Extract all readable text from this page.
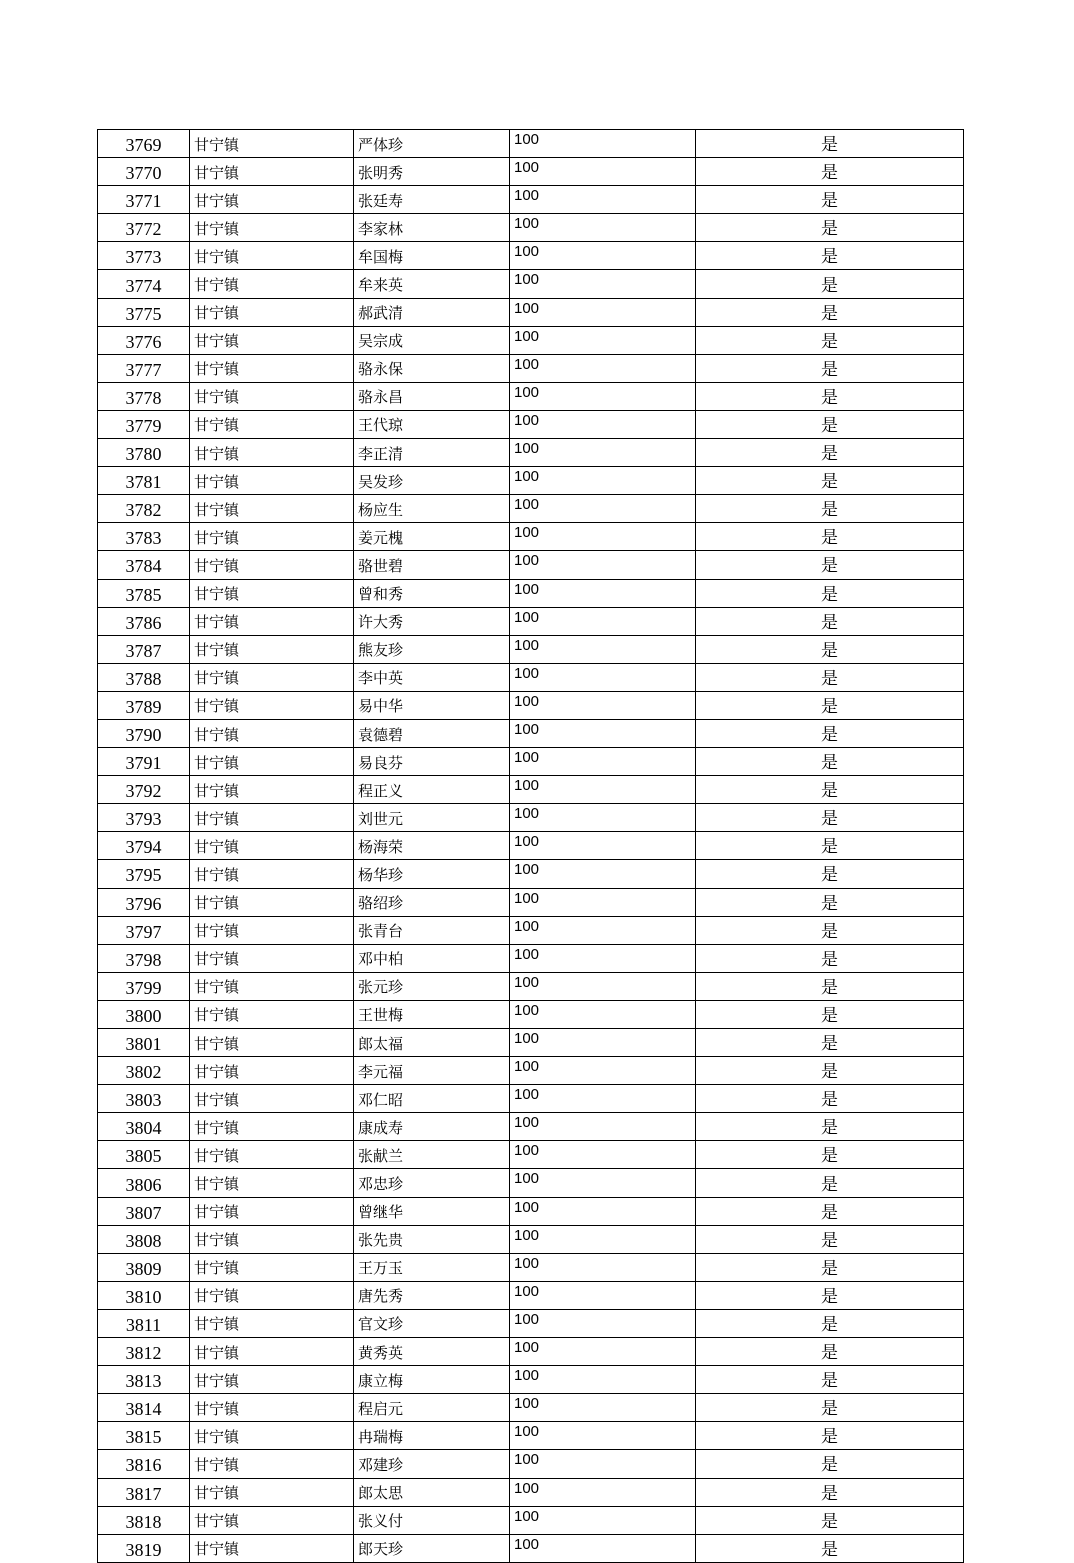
3769	甘宁镇	严体珍	100	是
3770	甘宁镇	张明秀	100	是
3771	甘宁镇	张廷寿	100	是
3772	甘宁镇	李家林	100	是
3773	甘宁镇	牟国梅	100	是
3774	甘宁镇	牟来英	100	是
3775	甘宁镇	郝武清	100	是
3776	甘宁镇	吴宗成	100	是
3777	甘宁镇	骆永保	100	是
3778	甘宁镇	骆永昌	100	是
3779	甘宁镇	王代琼	100	是
3780	甘宁镇	李正清	100	是
3781	甘宁镇	吴发珍	100	是
3782	甘宁镇	杨应生	100	是
3783	甘宁镇	姜元槐	100	是
3784	甘宁镇	骆世碧	100	是
3785	甘宁镇	曾和秀	100	是
3786	甘宁镇	许大秀	100	是
3787	甘宁镇	熊友珍	100	是
3788	甘宁镇	李中英	100	是
3789	甘宁镇	易中华	100	是
3790	甘宁镇	袁德碧	100	是
3791	甘宁镇	易良芬	100	是
3792	甘宁镇	程正义	100	是
3793	甘宁镇	刘世元	100	是
3794	甘宁镇	杨海荣	100	是
3795	甘宁镇	杨华珍	100	是
3796	甘宁镇	骆绍珍	100	是
3797	甘宁镇	张青台	100	是
3798	甘宁镇	邓中柏	100	是
3799	甘宁镇	张元珍	100	是
3800	甘宁镇	王世梅	100	是
3801	甘宁镇	郎太福	100	是
3802	甘宁镇	李元福	100	是
3803	甘宁镇	邓仁昭	100	是
3804	甘宁镇	康成寿	100	是
3805	甘宁镇	张献兰	100	是
3806	甘宁镇	邓忠珍	100	是
3807	甘宁镇	曾继华	100	是
3808	甘宁镇	张先贵	100	是
3809	甘宁镇	王万玉	100	是
3810	甘宁镇	唐先秀	100	是
3811	甘宁镇	官文珍	100	是
3812	甘宁镇	黄秀英	100	是
3813	甘宁镇	康立梅	100	是
3814	甘宁镇	程启元	100	是
3815	甘宁镇	冉瑞梅	100	是
3816	甘宁镇	邓建珍	100	是
3817	甘宁镇	郎太思	100	是
3818	甘宁镇	张义付	100	是
3819	甘宁镇	郎天珍	100	是
